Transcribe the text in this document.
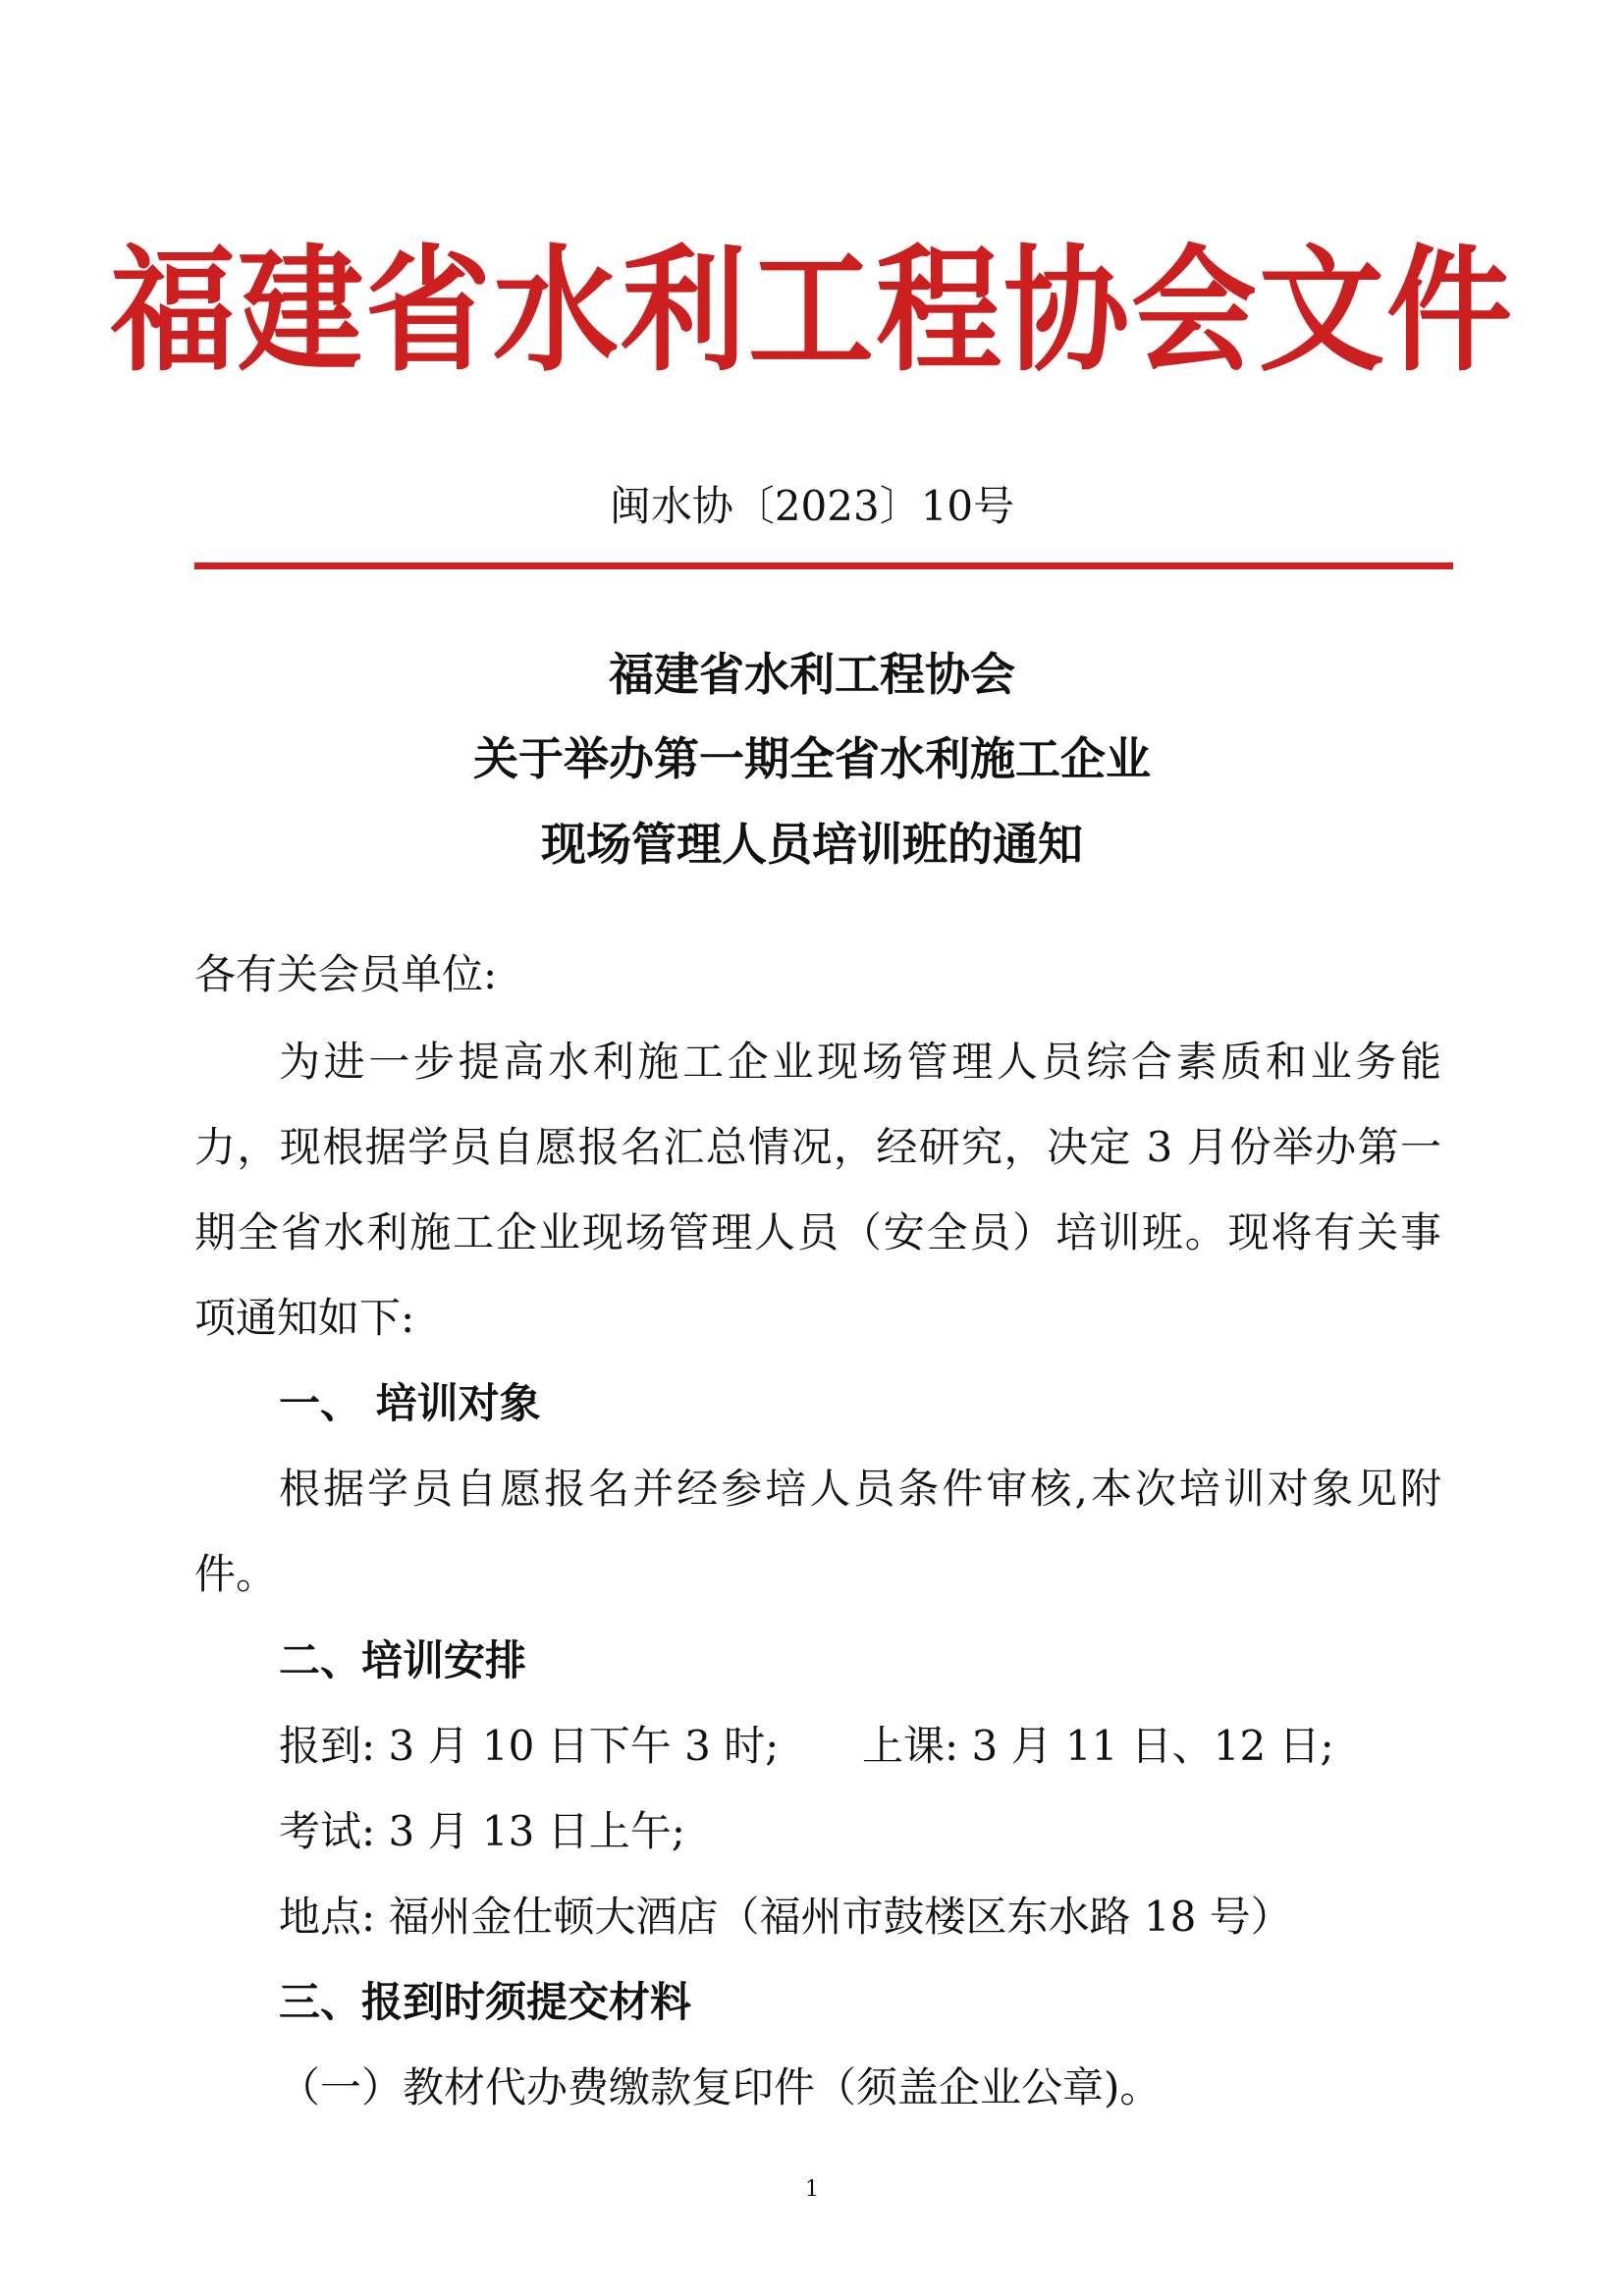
福建省水利工程协会文件
闽水协〔2023〕10号
福建省水利工程协会
关于举办第一期全省水利施工企业
现场管理人员培训班的通知
各有关会员单位:
为进一步提高水利施工企业现场管理人员综合素质和业务能
力，现根据学员自愿报名汇总情况，经研究，决定 3 月份举办第一
期全省水利施工企业现场管理人员（安全员）培训班。现将有关事
项通知如下:
一、 培训对象
根据学员自愿报名并经参培人员条件审核,本次培训对象见附
件。
二、培训安排
报到: 3 月 10 日下午 3 时; 上课: 3 月 11 日、12 日;
考试: 3 月 13 日上午;
地点: 福州金仕顿大酒店（福州市鼓楼区东水路 18 号）
三、报到时须提交材料
（一）教材代办费缴款复印件（须盖企业公章)。
1
